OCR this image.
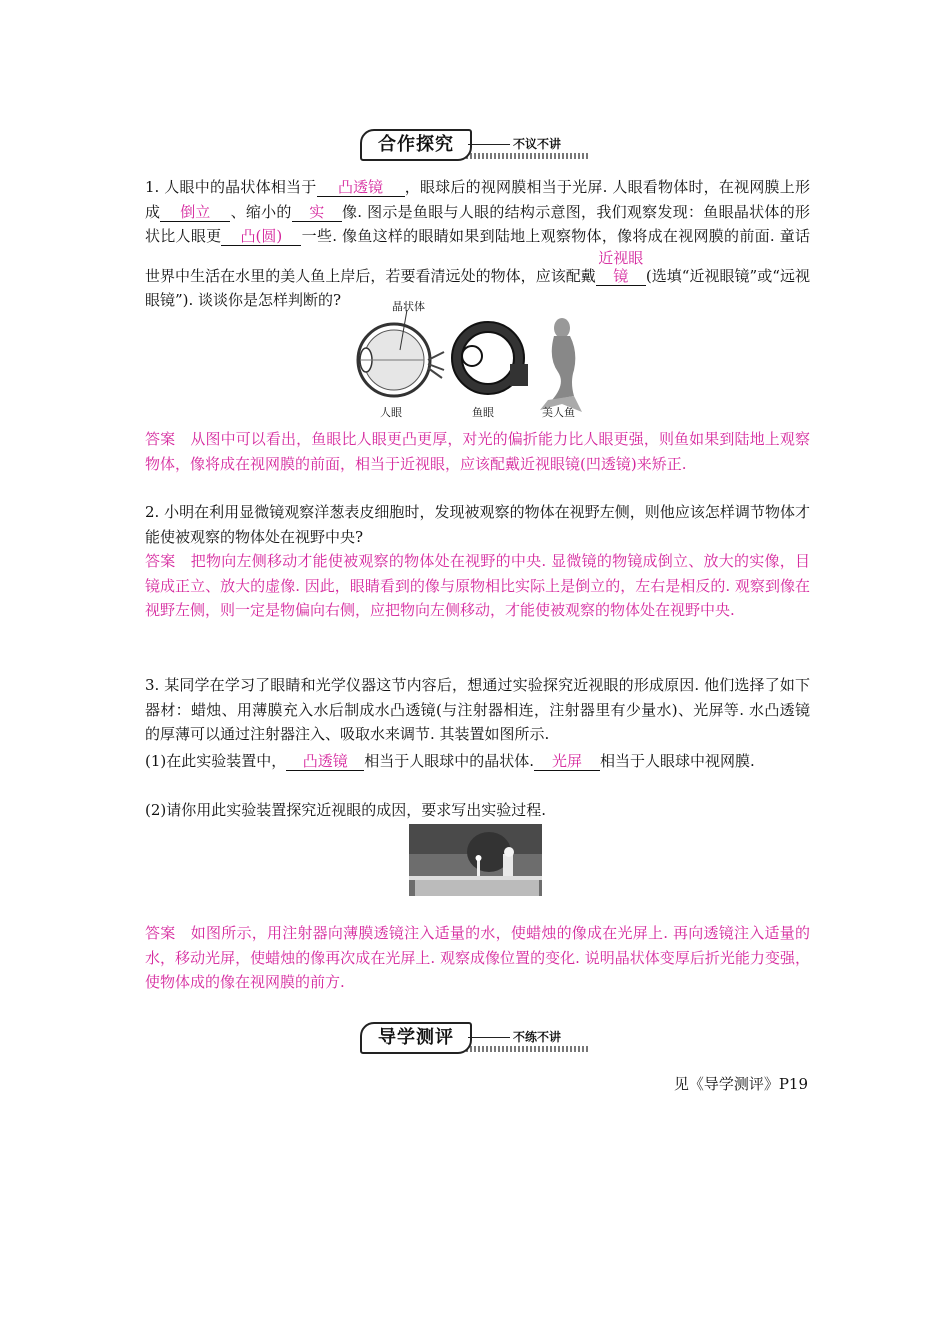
合作探究	不议不讲
1. 人眼中的晶状体相当于 凸透镜 ，眼球后的视网膜相当于光屏. 人眼看物体时，在视网膜上形成 倒立 、缩小的 实 像. 图示是鱼眼与人眼的结构示意图，我们观察发现：鱼眼晶状体的形状比人眼更 凸(圆) 一些. 像鱼这样的眼睛如果到陆地上观察物体，像将成在视网膜的前面. 童话世界中生活在水里的美人鱼上岸后，若要看清远处的物体，应该配戴近视眼镜 (选填“近视眼镜”或“远视眼镜”). 谈谈你是怎样判断的?	晶状体
人眼	鱼眼	美人鱼
答案　从图中可以看出，鱼眼比人眼更凸更厚，对光的偏折能力比人眼更强，则鱼如果到陆地上观察物体，像将成在视网膜的前面，相当于近视眼，应该配戴近视眼镜(凹透镜)来矫正.
2. 小明在利用显微镜观察洋葱表皮细胞时，发现被观察的物体在视野左侧，则他应该怎样调节物体才能使被观察的物体处在视野中央?
答案　把物向左侧移动才能使被观察的物体处在视野的中央. 显微镜的物镜成倒立、放大的实像，目镜成正立、放大的虚像. 因此，眼睛看到的像与原物相比实际上是倒立的，左右是相反的. 观察到像在视野左侧，则一定是物偏向右侧，应把物向左侧移动，才能使被观察的物体处在视野中央.
3. 某同学在学习了眼睛和光学仪器这节内容后，想通过实验探究近视眼的形成原因. 他们选择了如下器材：蜡烛、用薄膜充入水后制成水凸透镜(与注射器相连，注射器里有少量水)、光屏等. 水凸透镜的厚薄可以通过注射器注入、吸取水来调节. 其装置如图所示.
(1)在此实验装置中， 凸透镜 相当于人眼球中的晶状体. 光屏 相当于人眼球中视网膜.
(2)请你用此实验装置探究近视眼的成因，要求写出实验过程.
答案　如图所示，用注射器向薄膜透镜注入适量的水，使蜡烛的像成在光屏上. 再向透镜注入适量的水，移动光屏，使蜡烛的像再次成在光屏上. 观察成像位置的变化. 说明晶状体变厚后折光能力变强，使物体成的像在视网膜的前方.
导学测评	不练不讲
见《导学测评》P19
